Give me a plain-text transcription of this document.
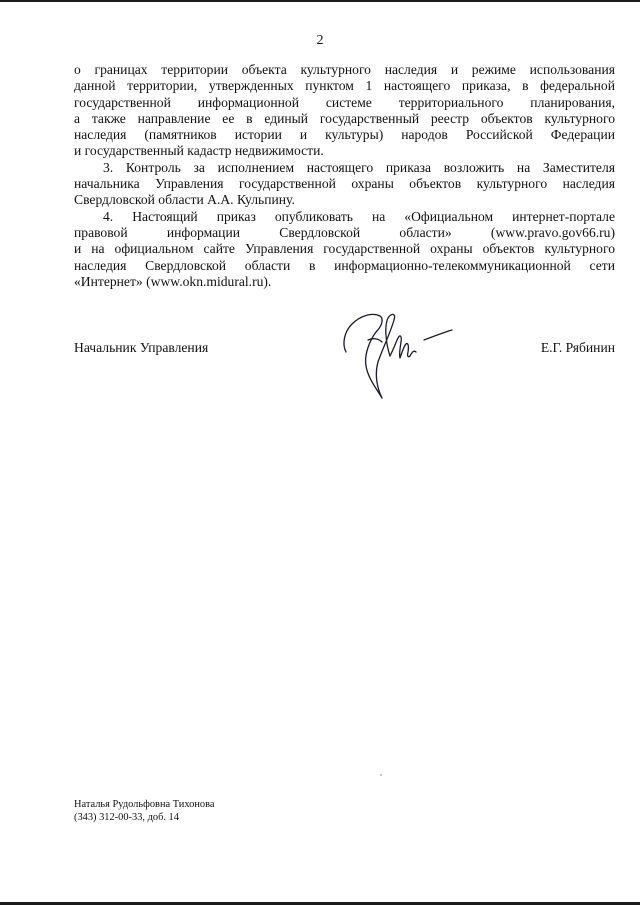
2

о границах территории объекта культурного наследия и режиме использования
данной территории, утвержденных пунктом 1 настоящего приказа, в федеральной
государственной информационной системе территориального планирования,
а также направление ее в единый государственный реестр объектов культурного
наследия (памятников истории и культуры) народов Российской Федерации
и государственный кадастр недвижимости.

3. Контроль за исполнением настоящего приказа возложить на Заместителя
начальника Управления государственной охраны объектов культурного наследия
Свердловской области А.А. Кульпину.

4. Настоящий приказ опубликовать на «Официальном интернет-портале
правовой информации Свердловской области» (www.pravo.gov66.ru)
и на официальном сайте Управления государственной охраны объектов культурного
наследия Свердловской области в информационно-телекоммуникационной сети
«Интернет» (www.okn.midural.ru).

Начальник Управления	Е.Г. Рябинин
Наталья Рудольфовна Тихонова
(343) 312-00-33, доб. 14
